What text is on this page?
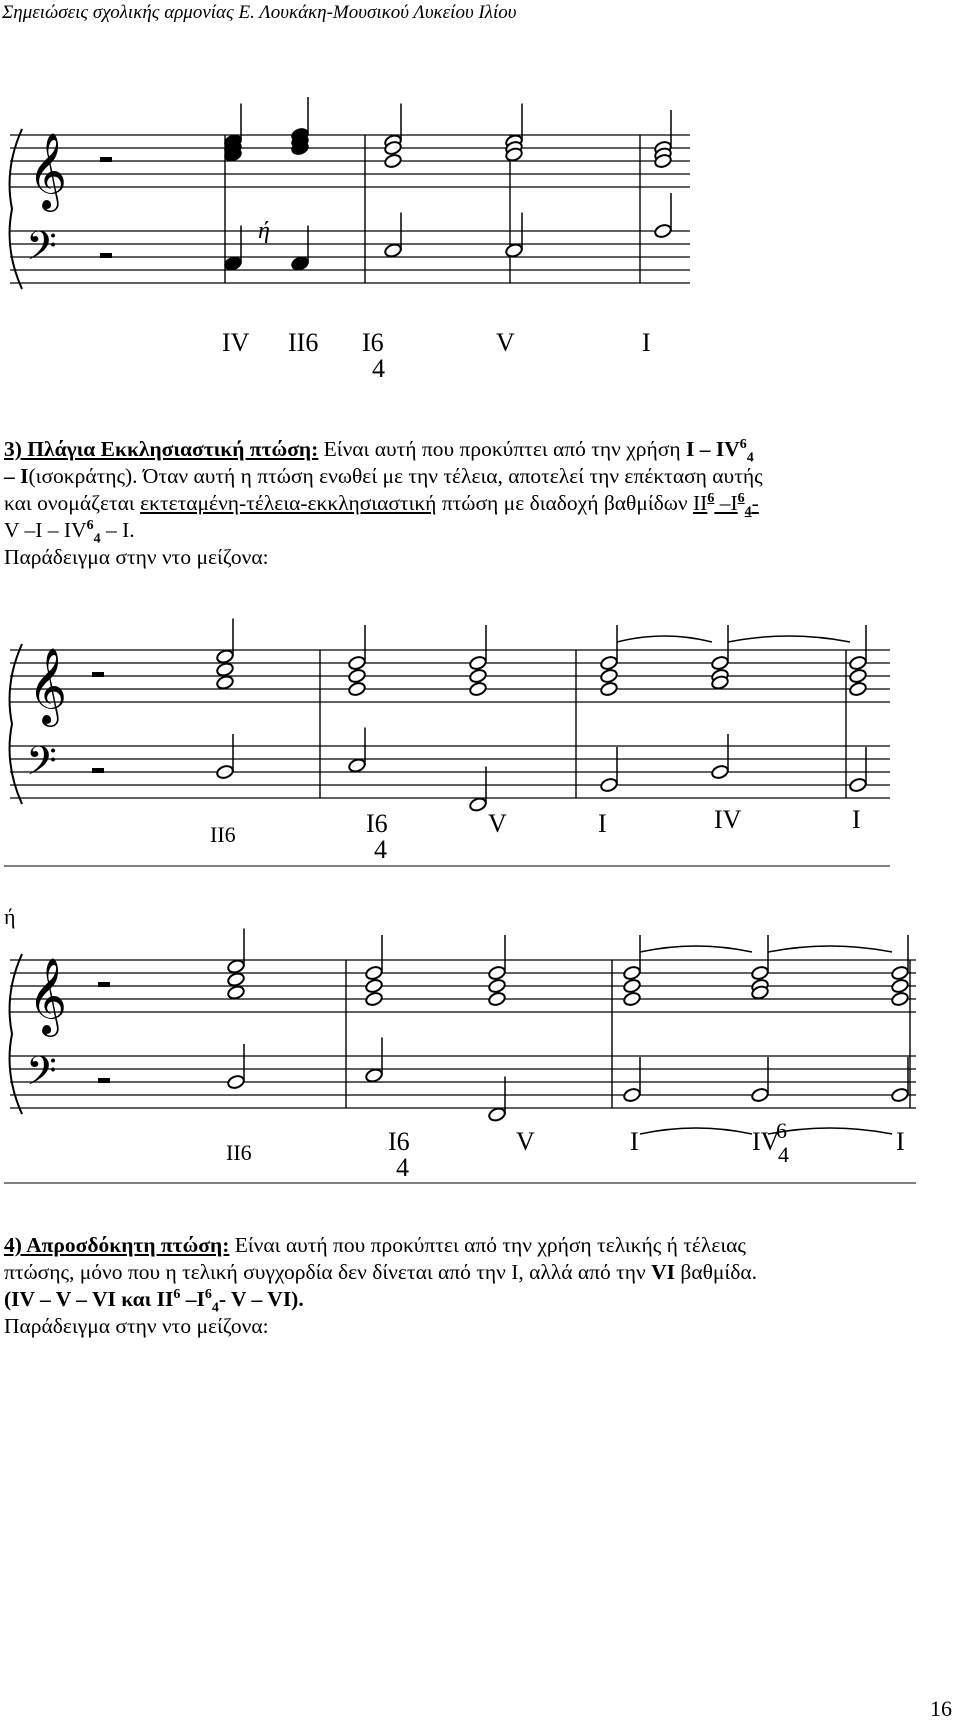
Σημειώσεις σχολικής αρμονίας Ε. Λουκάκη-Μουσικού Λυκείου Ιλίου
𝄞
𝄢	ή
IV II6 I6
4
V	I

3) Πλάγια Εκκλησιαστική πτώση: Είναι αυτή που προκύπτει από την χρήση I – $IV^6_4$

– I(ισοκράτης). Όταν αυτή η πτώση ενωθεί με την τέλεια, αποτελεί την επέκταση αυτής

και ονομάζεται εκτεταμένη-τέλεια-εκκλησιαστική πτώση με διαδοχή βαθμίδων $II^6$ $-I^6_4-$

V $-I - IV^6_4$ – I.

Παράδειγμα στην ντο μείζονα:

𝄞
𝄢
II6	I6
4
V	I	IV	I
ή
𝄞
𝄢
II6	I6
4
V	I	IV
6
4	I

4) Απροσδόκητη πτώση: Είναι αυτή που προκύπτει από την χρήση τελικής ή τέλειας

πτώσης, μόνο που η τελική συγχορδία δεν δίνεται από την I, αλλά από την VI βαθμίδα.

(IV – V – VI και $II^6$ $-I^6_4-$ V – VI).

Παράδειγμα στην ντο μείζονα:

16
